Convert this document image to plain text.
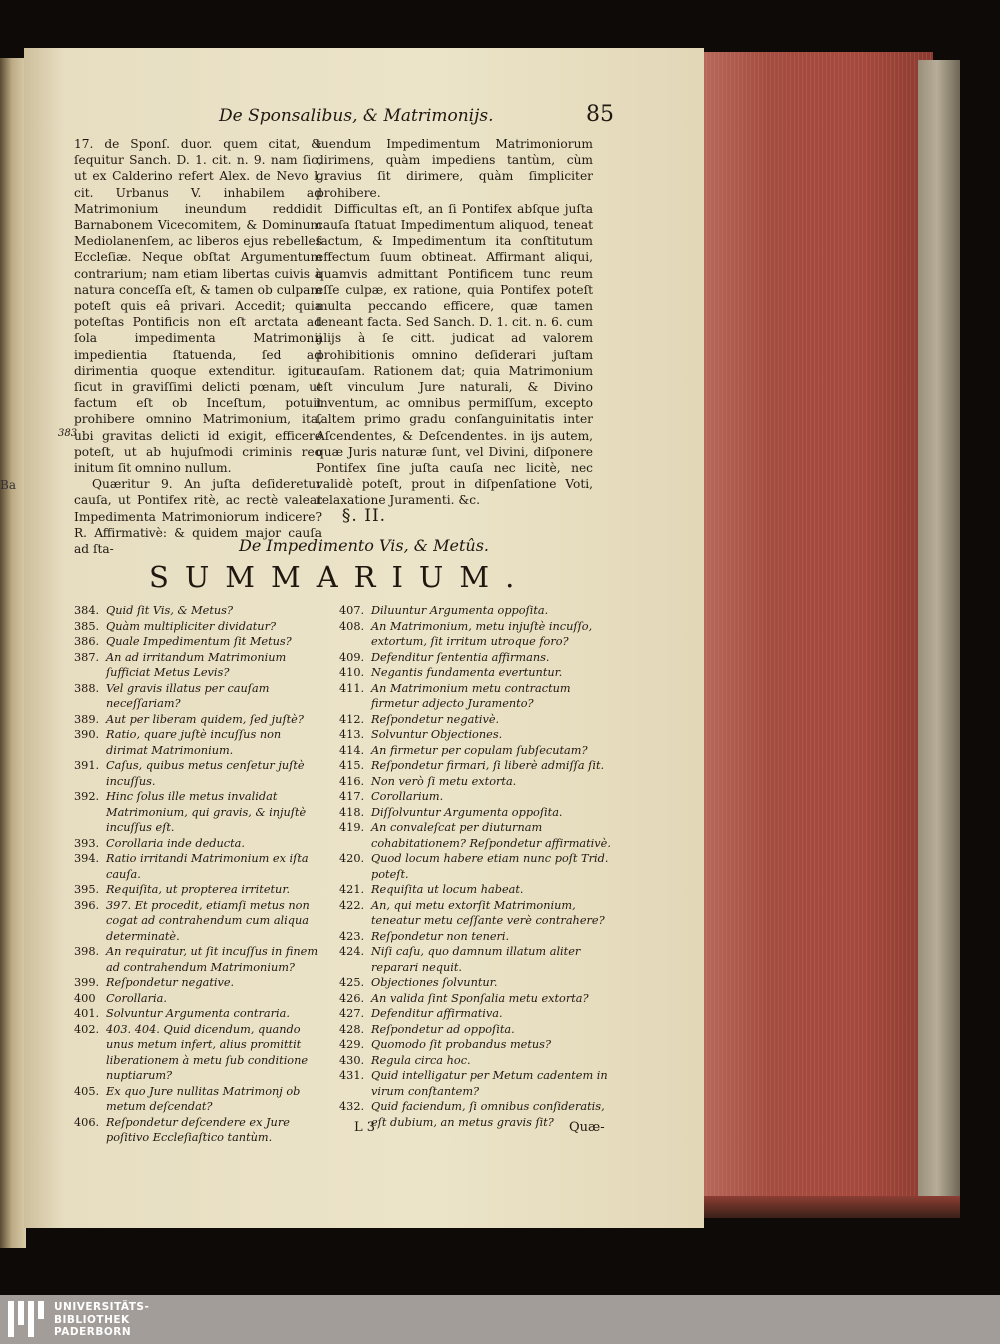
Ba
De Sponsalibus, & Matrimonijs.	85

17. de Sponſ. duor. quem citat, & ſequitur Sanch. D. 1. cit. n. 9. nam ſic, ut ex Calderino refert Alex. de Nevo l. cit. Urbanus V. inhabilem ad Matrimonium ineundum reddidit Barnabonem Vicecomitem, & Dominum Mediolanenſem, ac liberos ejus rebelles Eccleſiæ. Neque obſtat Argumentum contrarium; nam etiam libertas cuivis à natura conceſſa eſt, & tamen ob culpam poteſt quis eâ privari. Accedit; quia poteſtas Pontificis non eſt arctata ad ſola impedimenta Matrimonij impedientia ſtatuenda, ſed ad dirimentia quoque extenditur. igitur ſicut in graviſſimi delicti pœnam, ut factum eſt ob Inceſtum, potuit prohibere omnino Matrimonium, ita, ubi gravitas delicti id exigit, efficere poteſt, ut ab hujuſmodi criminis reo initum ſit omnino nullum.

Quæritur 9. An juſta deſideretur cauſa, ut Pontifex ritè, ac rectè valeat Impedimenta Matrimoniorum indicere? R. Affirmativè: & quidem major cauſa ad ſta-

383

tuendum Impedimentum Matrimoniorum dirimens, quàm impediens tantùm, cùm gravius ſit dirimere, quàm ſimpliciter prohibere.

Difficultas eſt, an ſi Pontifex abſque juſta cauſa ſtatuat Impedimentum aliquod, teneat factum, & Impedimentum ita conſtitutum effectum ſuum obtineat. Affirmant aliqui, quamvis admittant Pontificem tunc reum eſſe culpæ, ex ratione, quia Pontifex poteſt multa peccando efficere, quæ tamen teneant facta. Sed Sanch. D. 1. cit. n. 6. cum alijs à ſe citt. judicat ad valorem prohibitionis omnino deſiderari juſtam cauſam. Rationem dat; quia Matrimonium eſt vinculum Jure naturali, & Divino inventum, ac omnibus permiſſum, excepto ſaltem primo gradu conſanguinitatis inter Aſcendentes, & Deſcendentes. in ijs autem, quæ Juris naturæ ſunt, vel Divini, diſponere Pontifex ſine juſta cauſa nec licitè, nec validè poteſt, prout in diſpenſatione Voti, relaxatione Juramenti. &c.

§. II.
De Impedimento Vis, & Metûs.
SUMMARIUM.
384. Quid ſit Vis, & Metus?
385. Quàm multipliciter dividatur?
386. Quale Impedimentum ſit Metus?
387. An ad irritandum Matrimonium ſufficiat Metus Levis?
388. Vel gravis illatus per cauſam neceſſariam?
389. Aut per liberam quidem, ſed juſtè?
390. Ratio, quare juſtè incuſſus non dirimat Matrimonium.
391. Caſus, quibus metus cenſetur juſtè incuſſus.
392. Hinc ſolus ille metus invalidat Matrimonium, qui gravis, & injuſtè incuſſus eſt.
393. Corollaria inde deducta.
394. Ratio irritandi Matrimonium ex iſta cauſa.
395. Requiſita, ut propterea irritetur.
396. 397. Et procedit, etiamſi metus non cogat ad contrahendum cum aliqua determinatè.
398. An requiratur, ut ſit incuſſus in finem ad contrahendum Matrimonium?
399. Reſpondetur negative.
400 Corollaria.
401. Solvuntur Argumenta contraria.
402. 403. 404. Quid dicendum, quando unus metum infert, alius promittit liberationem à metu ſub conditione nuptiarum?
405. Ex quo Jure nullitas Matrimonj ob metum deſcendat?
406. Reſpondetur deſcendere ex Jure poſitivo Eccleſiaſtico tantùm.
407. Diluuntur Argumenta oppoſita.
408. An Matrimonium, metu injuſtè incuſſo, extortum, ſit irritum utroque foro?
409. Defenditur ſententia affirmans.
410. Negantis fundamenta evertuntur.
411. An Matrimonium metu contractum firmetur adjecto Juramento?
412. Reſpondetur negativè.
413. Solvuntur Objectiones.
414. An firmetur per copulam ſubſecutam?
415. Reſpondetur firmari, ſi liberè admiſſa ſit.
416. Non verò ſi metu extorta.
417. Corollarium.
418. Diſſolvuntur Argumenta oppoſita.
419. An convaleſcat per diuturnam cohabitationem? Reſpondetur affirmativè.
420. Quod locum habere etiam nunc poſt Trid. poteſt.
421. Requiſita ut locum habeat.
422. An, qui metu extorſit Matrimonium, teneatur metu ceſſante verè contrahere?
423. Reſpondetur non teneri.
424. Niſi caſu, quo damnum illatum aliter reparari nequit.
425. Objectiones ſolvuntur.
426. An valida ſint Sponſalia metu extorta?
427. Defenditur affirmativa.
428. Reſpondetur ad oppoſita.
429. Quomodo ſit probandus metus?
430. Regula circa hoc.
431. Quid intelligatur per Metum cadentem in virum conſtantem?
432. Quid faciendum, ſi omnibus conſideratis, eſt dubium, an metus gravis ſit?
L 3	Quæ-
UNIVERSITÄTS-
BIBLIOTHEK
PADERBORN
